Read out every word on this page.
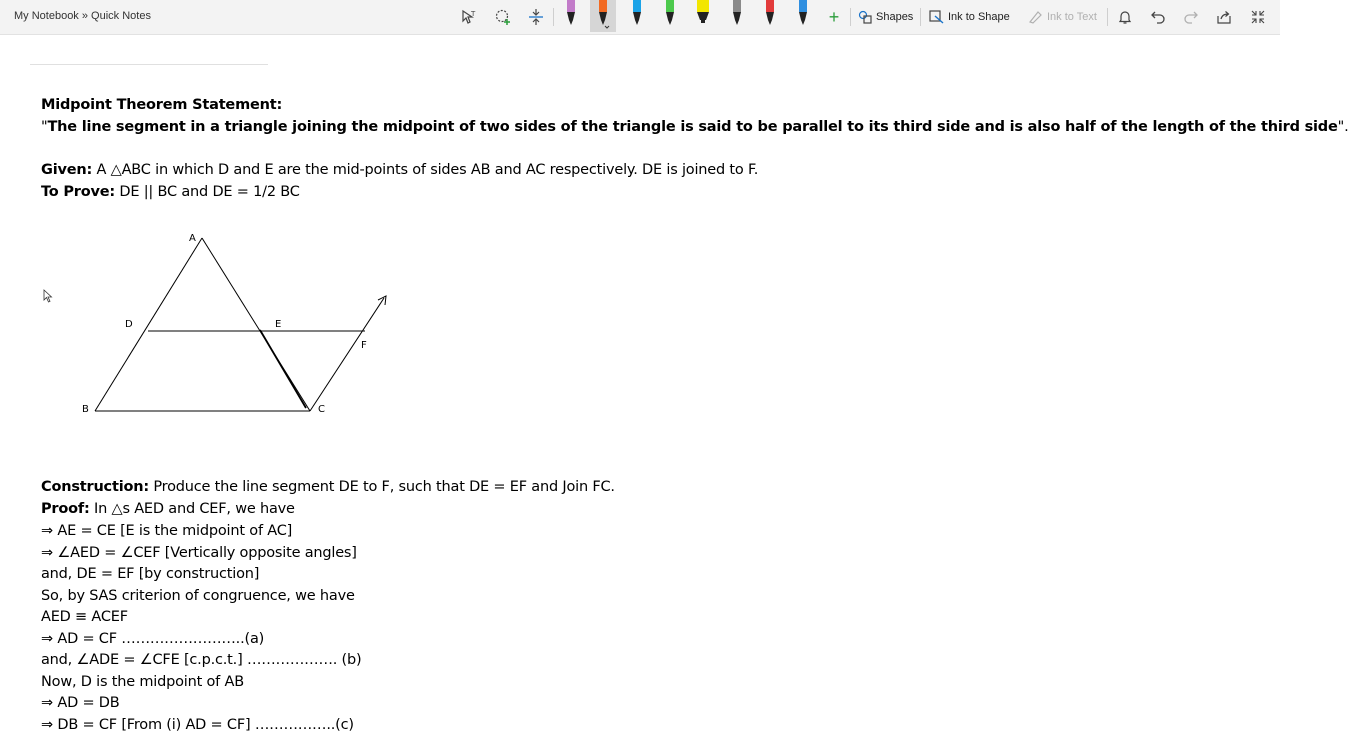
My Notebook » Quick Notes	T	+	Shapes	Ink to Shape	Ink to Text
Midpoint Theorem Statement:
"The line segment in a triangle joining the midpoint of two sides of the triangle is said to be parallel to its third side and is also half of the length of the third side".
Given: A △ABC in which D and E are the mid-points of sides AB and AC respectively. DE is joined to F.
To Prove: DE || BC and DE = 1/2 BC
A
B	C
D	E
F
Construction: Produce the line segment DE to F, such that DE = EF and Join FC.
Proof: In △s AED and CEF, we have
⇒ AE = CE [E is the midpoint of AC]
⇒ ∠AED = ∠CEF [Vertically opposite angles]
and, DE = EF [by construction]
So, by SAS criterion of congruence, we have
AED ≡ ACEF
⇒ AD = CF ……………………..(a)
and, ∠ADE = ∠CFE [c.p.c.t.] ………………. (b)
Now, D is the midpoint of AB
⇒ AD = DB
⇒ DB = CF [From (i) AD = CF] ……………..(c)
